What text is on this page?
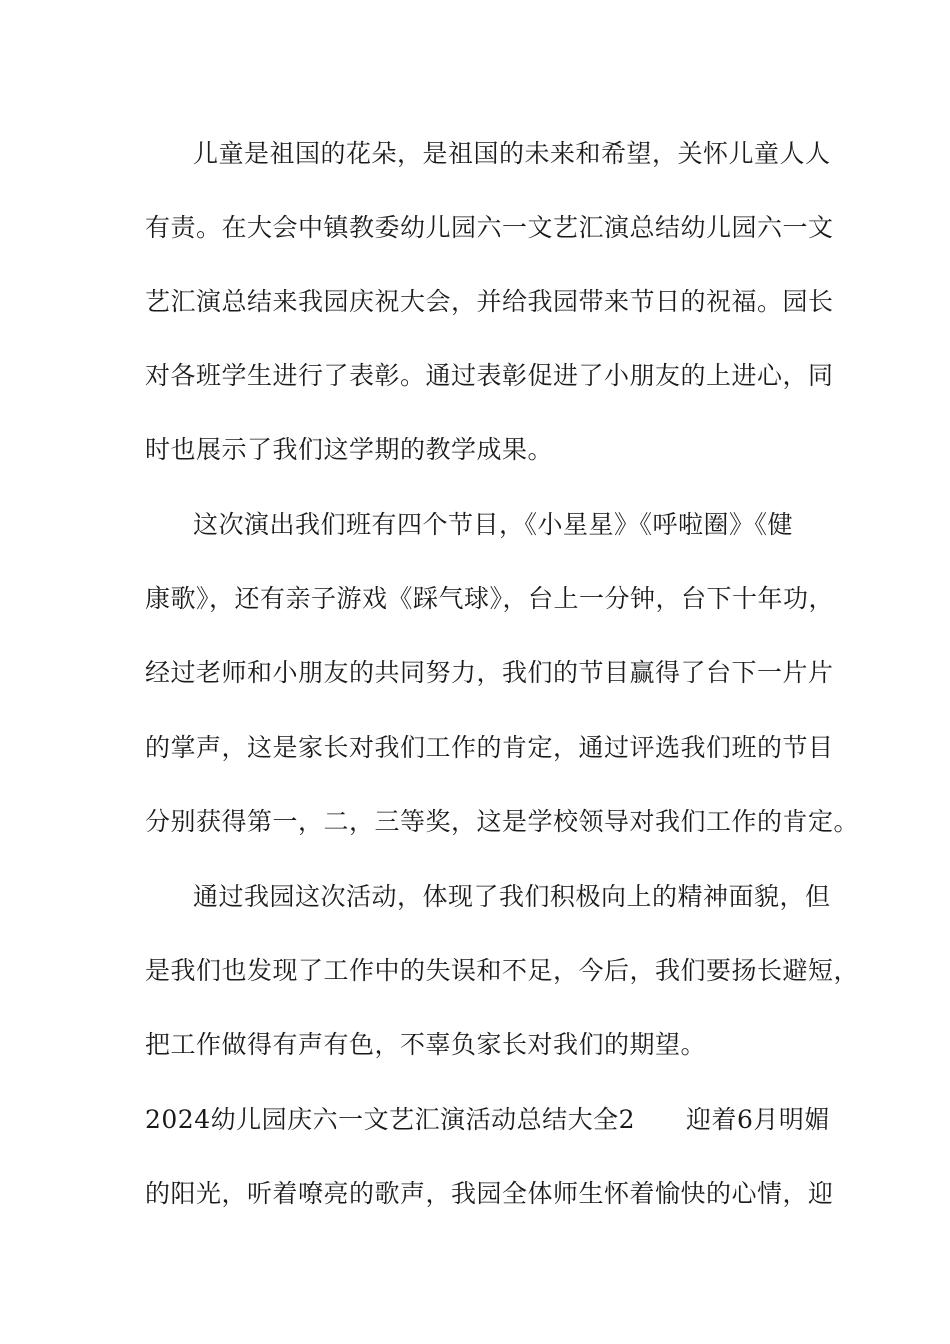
儿童是祖国的花朵，是祖国的未来和希望，关怀儿童人人
有责。在大会中镇教委幼儿园六一文艺汇演总结幼儿园六一文
艺汇演总结来我园庆祝大会，并给我园带来节日的祝福。园长
对各班学生进行了表彰。通过表彰促进了小朋友的上进心，同
时也展示了我们这学期的教学成果。
这次演出我们班有四个节目，《小星星》《呼啦圈》《健
康歌》，还有亲子游戏《踩气球》，台上一分钟，台下十年功，
经过老师和小朋友的共同努力，我们的节目赢得了台下一片片
的掌声，这是家长对我们工作的肯定，通过评选我们班的节目
分别获得第一，二，三等奖，这是学校领导对我们工作的肯定。
通过我园这次活动，体现了我们积极向上的精神面貌，但
是我们也发现了工作中的失误和不足，今后，我们要扬长避短，
把工作做得有声有色，不辜负家长对我们的期望。
2024幼儿园庆六一文艺汇演活动总结大全2　　迎着6月明媚
的阳光，听着嘹亮的歌声，我园全体师生怀着愉快的心情，迎
